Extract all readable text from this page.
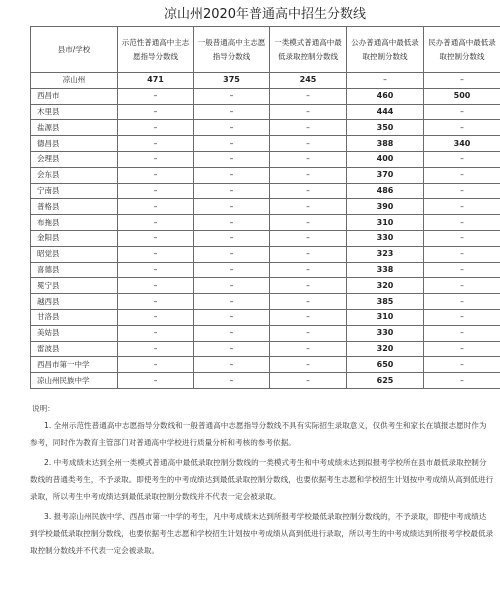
凉山州2020年普通高中招生分数线
县市/学校	示范性普通高中主志愿指导分数线	一般普通高中主志愿指导分数线	一类模式普通高中最低录取控制分数线	公办普通高中最低录取控制分数线	民办普通高中最低录取控制分数线
凉山州	471	375	245	–	–
西昌市	–	–	–	460	500
木里县	–	–	–	444	–
盐源县	–	–	–	350	–
德昌县	–	–	–	388	340
会理县	–	–	–	400	–
会东县	–	–	–	370	–
宁南县	–	–	–	486	–
普格县	–	–	–	390	–
布拖县	–	–	–	310	–
金阳县	–	–	–	330	–
昭觉县	–	–	–	323	–
喜德县	–	–	–	338	–
冕宁县	–	–	–	320	–
越西县	–	–	–	385	–
甘洛县	–	–	–	310	–
美姑县	–	–	–	330	–
雷波县	–	–	–	320	–
西昌市第一中学	–	–	–	650	–
凉山州民族中学	–	–	–	625	–
说明：

1. 全州示范性普通高中志愿指导分数线和一般普通高中志愿指导分数线不具有实际招生录取意义，仅供考生和家长在填报志愿时作为参考，同时作为教育主管部门对普通高中学校进行质量分析和考核的参考依据。

2. 中考成绩未达到全州一类模式普通高中最低录取控制分数线的一类模式考生和中考成绩未达到拟报考学校所在县市最低录取控制分数线的普通类考生，不予录取。即使考生的中考成绩达到最低录取控制分数线，也要依据考生志愿和学校招生计划按中考成绩从高到低进行录取，所以考生中考成绩达到最低录取控制分数线并不代表一定会被录取。

3. 报考凉山州民族中学、西昌市第一中学的考生，凡中考成绩未达到所报考学校最低录取控制分数线的，不予录取，即使中考成绩达到学校最低录取控制分数线，也要依据考生志愿和学校招生计划按中考成绩从高到低进行录取，所以考生的中考成绩达到所报考学校最低录取控制分数线并不代表一定会被录取。
